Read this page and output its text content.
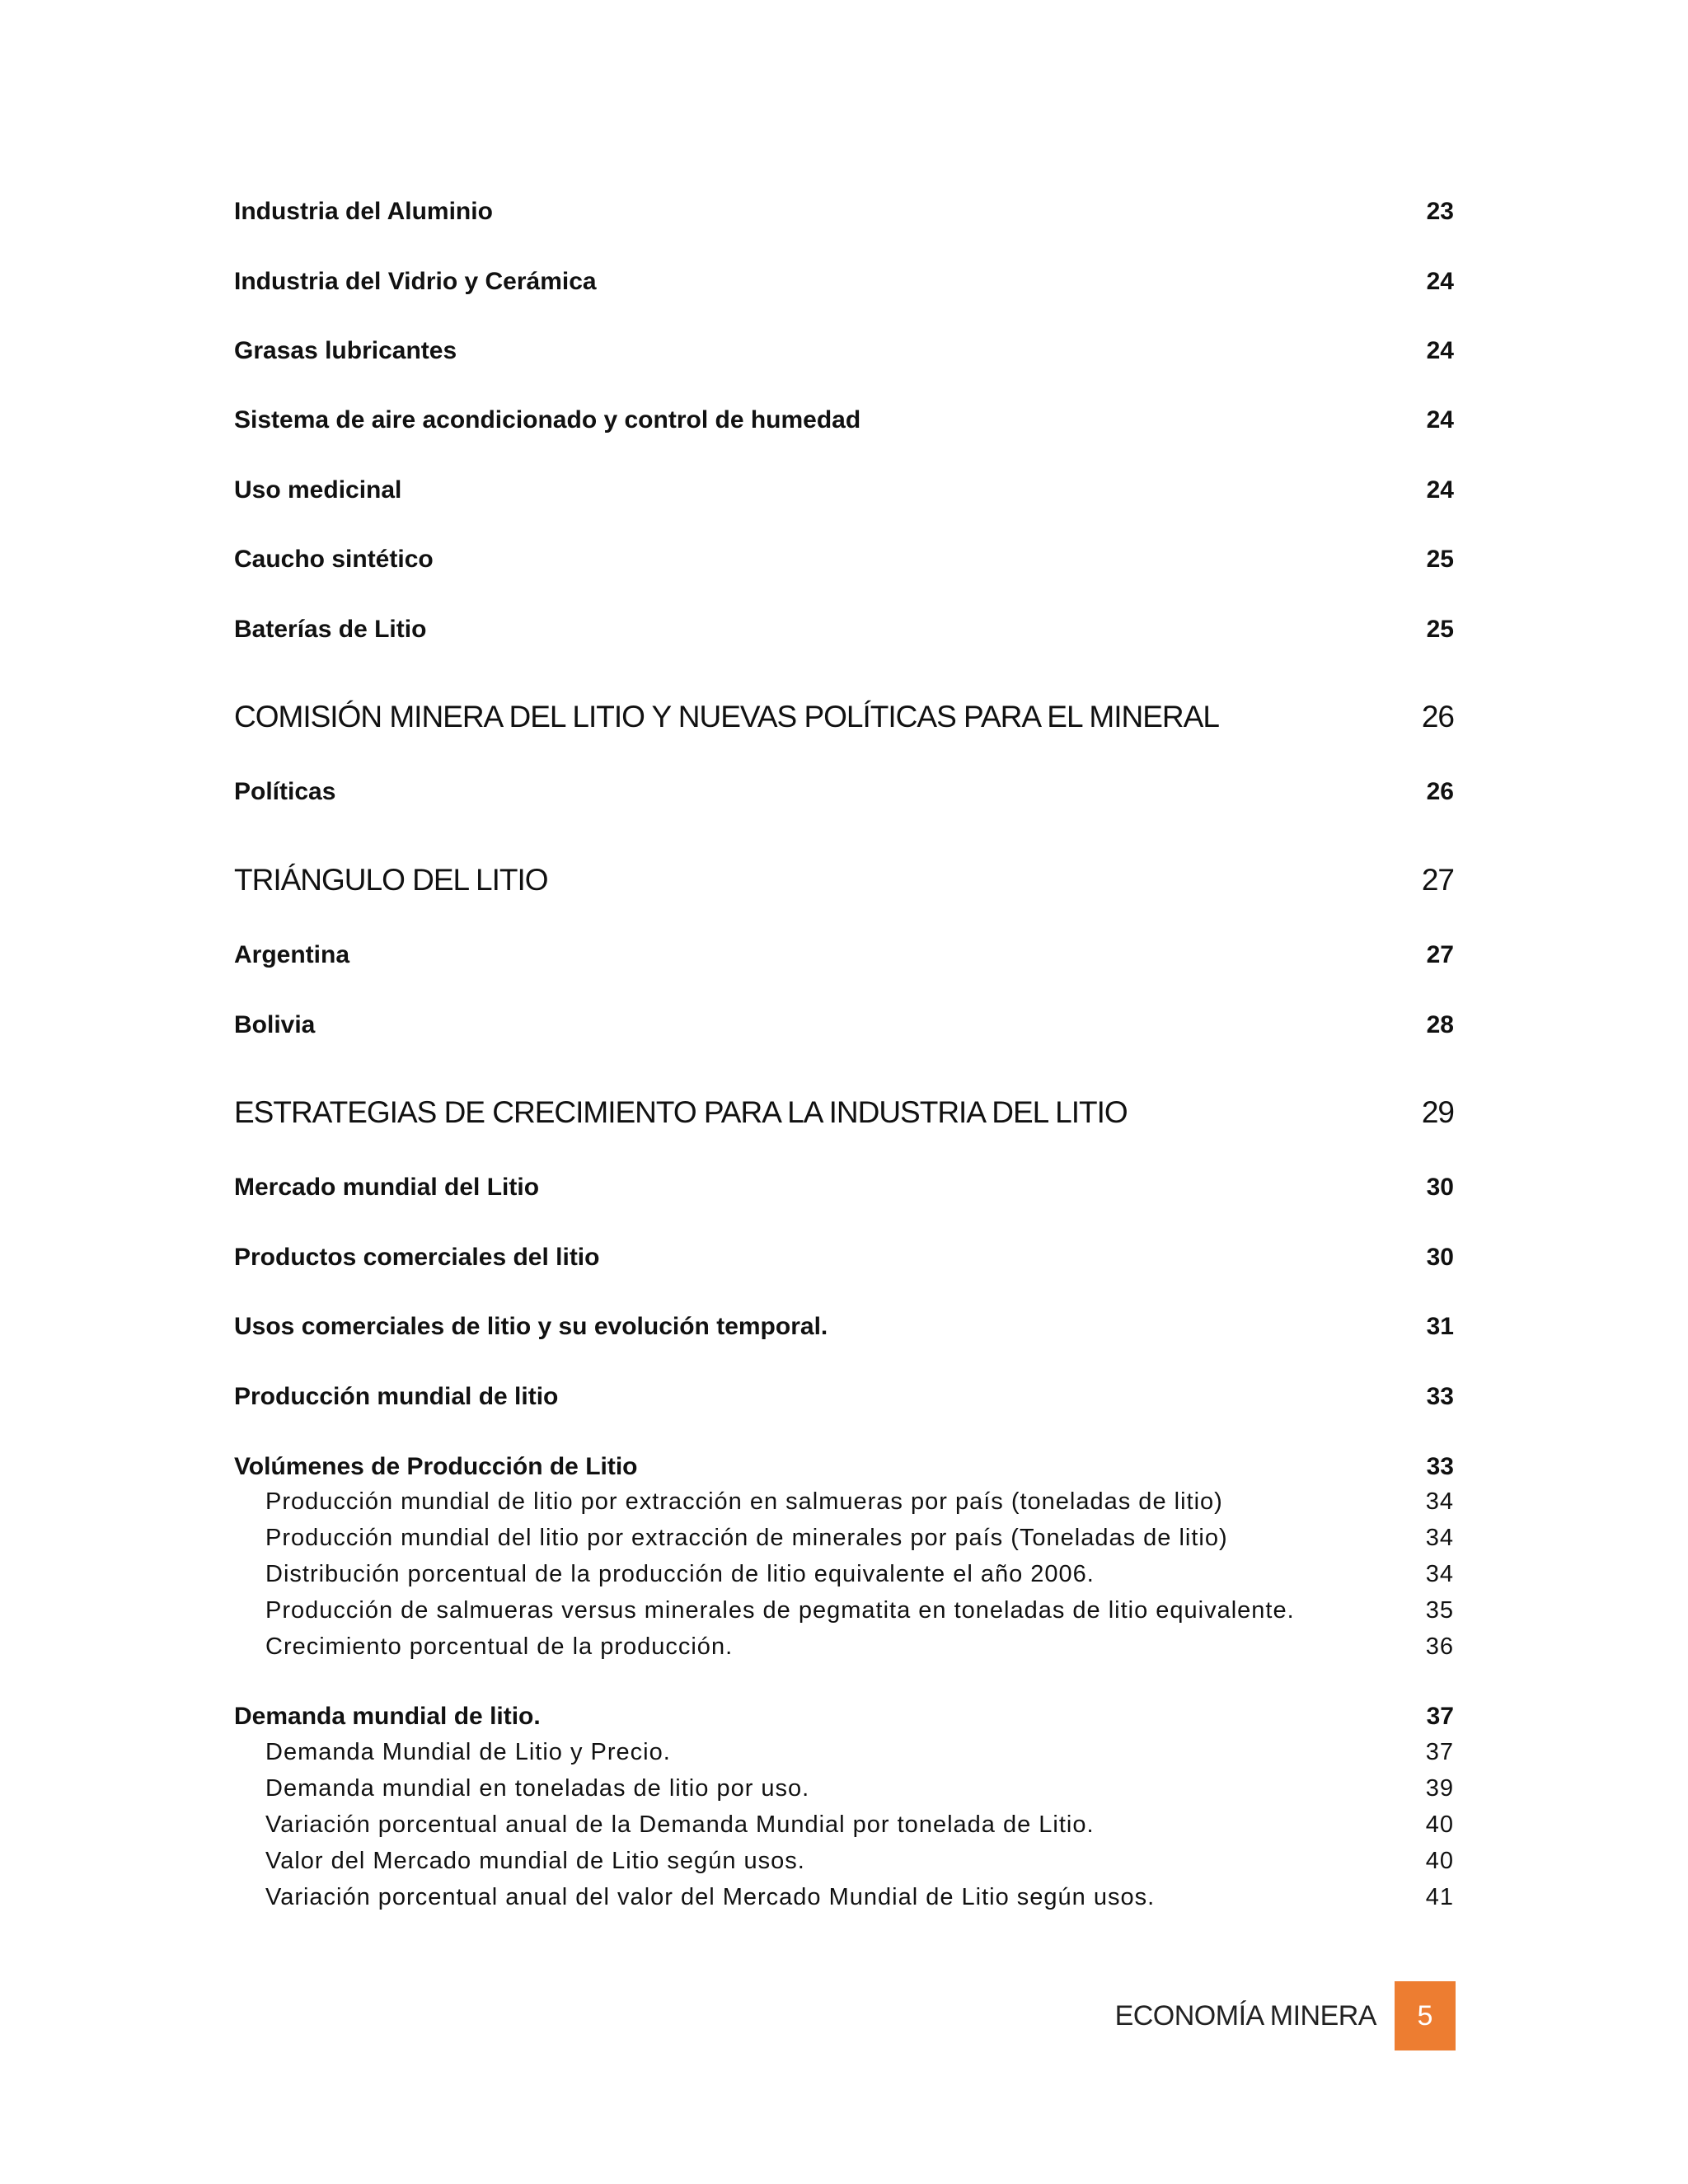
Industria del Aluminio	23
Industria del Vidrio y Cerámica	24
Grasas lubricantes	24
Sistema de aire acondicionado y control de humedad	24
Uso medicinal	24
Caucho sintético	25
Baterías de Litio	25
COMISIÓN MINERA DEL LITIO Y NUEVAS POLÍTICAS PARA EL MINERAL	26
Políticas	26
TRIÁNGULO DEL LITIO	27
Argentina	27
Bolivia	28
ESTRATEGIAS DE CRECIMIENTO PARA LA INDUSTRIA DEL LITIO	29
Mercado mundial del Litio	30
Productos comerciales del litio	30
Usos comerciales de litio y su evolución temporal.	31
Producción mundial de litio	33
Volúmenes de Producción de Litio	33
Producción mundial de litio por extracción en salmueras por país (toneladas de litio)	34
Producción mundial del litio por extracción de minerales por país (Toneladas de litio)	34
Distribución porcentual de la producción de litio equivalente el año 2006.	34
Producción de salmueras versus minerales de pegmatita en toneladas de litio equivalente.	35
Crecimiento porcentual de la producción.	36
Demanda mundial de litio.	37
Demanda Mundial de Litio y Precio.	37
Demanda mundial en toneladas de litio por uso.	39
Variación porcentual anual de la Demanda Mundial por tonelada de Litio.	40
Valor del Mercado mundial de Litio según usos.	40
Variación porcentual anual del valor del Mercado Mundial de Litio según usos.	41
ECONOMÍA MINERA	5
